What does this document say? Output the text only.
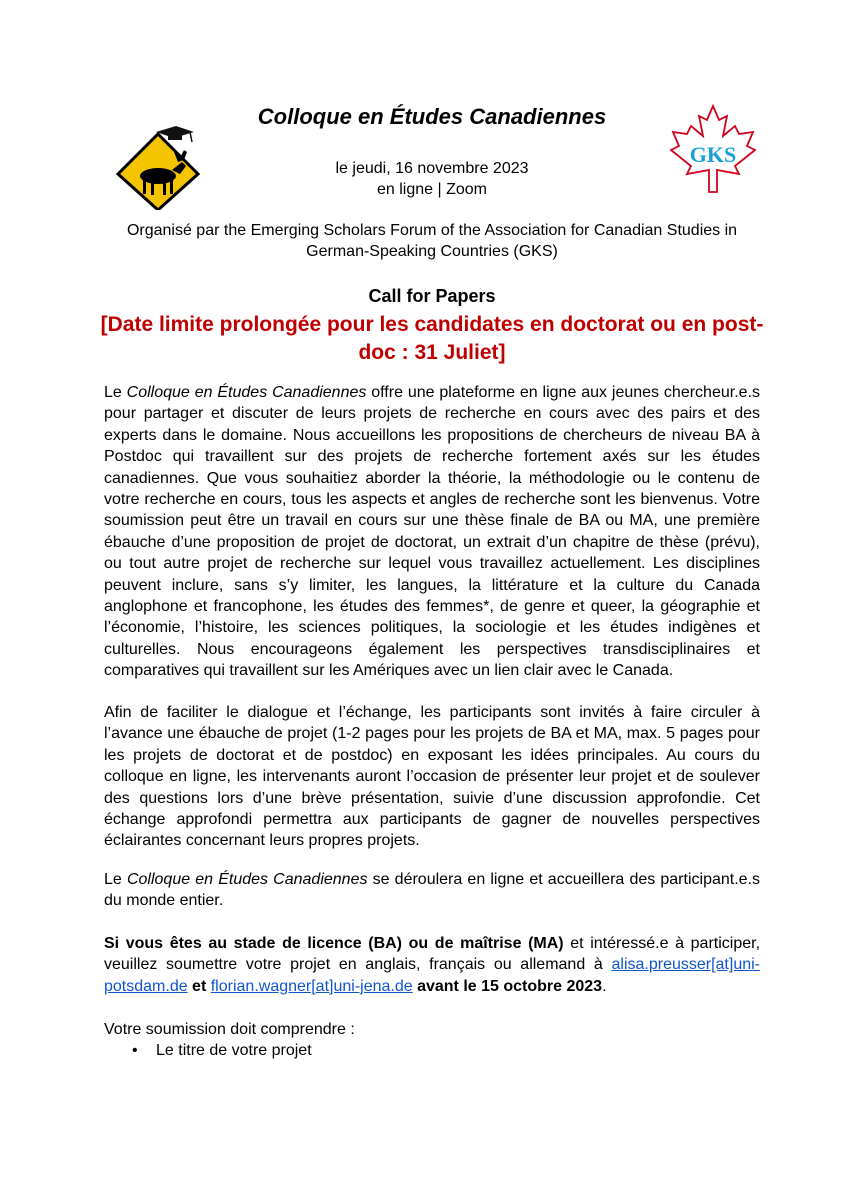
GKS
Colloque en Études Canadiennes
le jeudi, 16 novembre 2023
en ligne | Zoom
Organisé par the Emerging Scholars Forum of the Association for Canadian Studies in German-Speaking Countries (GKS)
Call for Papers
[Date limite prolongée pour les candidates en doctorat ou en post-doc : 31 Juliet]

Le Colloque en Études Canadiennes offre une plateforme en ligne aux jeunes chercheur.e.s pour partager et discuter de leurs projets de recherche en cours avec des pairs et des experts dans le domaine. Nous accueillons les propositions de chercheurs de niveau BA à Postdoc qui travaillent sur des projets de recherche fortement axés sur les études canadiennes. Que vous souhaitiez aborder la théorie, la méthodologie ou le contenu de votre recherche en cours, tous les aspects et angles de recherche sont les bienvenus. Votre soumission peut être un travail en cours sur une thèse finale de BA ou MA, une première ébauche d’une proposition de projet de doctorat, un extrait d’un chapitre de thèse (prévu), ou tout autre projet de recherche sur lequel vous travaillez actuellement. Les disciplines peuvent inclure, sans s’y limiter, les langues, la littérature et la culture du Canada anglophone et francophone, les études des femmes*, de genre et queer, la géographie et l’économie, l’histoire, les sciences politiques, la sociologie et les études indigènes et culturelles. Nous encourageons également les perspectives transdisciplinaires et comparatives qui travaillent sur les Amériques avec un lien clair avec le Canada.

Afin de faciliter le dialogue et l’échange, les participants sont invités à faire circuler à l’avance une ébauche de projet (1-2 pages pour les projets de BA et MA, max. 5 pages pour les projets de doctorat et de postdoc) en exposant les idées principales. Au cours du colloque en ligne, les intervenants auront l’occasion de présenter leur projet et de soulever des questions lors d’une brève présentation, suivie d’une discussion approfondie. Cet échange approfondi permettra aux participants de gagner de nouvelles perspectives éclairantes concernant leurs propres projets.

Le Colloque en Études Canadiennes se déroulera en ligne et accueillera des participant.e.s du monde entier.

Si vous êtes au stade de licence (BA) ou de maîtrise (MA) et intéressé.e à participer, veuillez soumettre votre projet en anglais, français ou allemand à alisa.preusser[at]uni-potsdam.de et florian.wagner[at]uni-jena.de avant le 15 octobre 2023.

Votre soumission doit comprendre :

• Le titre de votre projet
